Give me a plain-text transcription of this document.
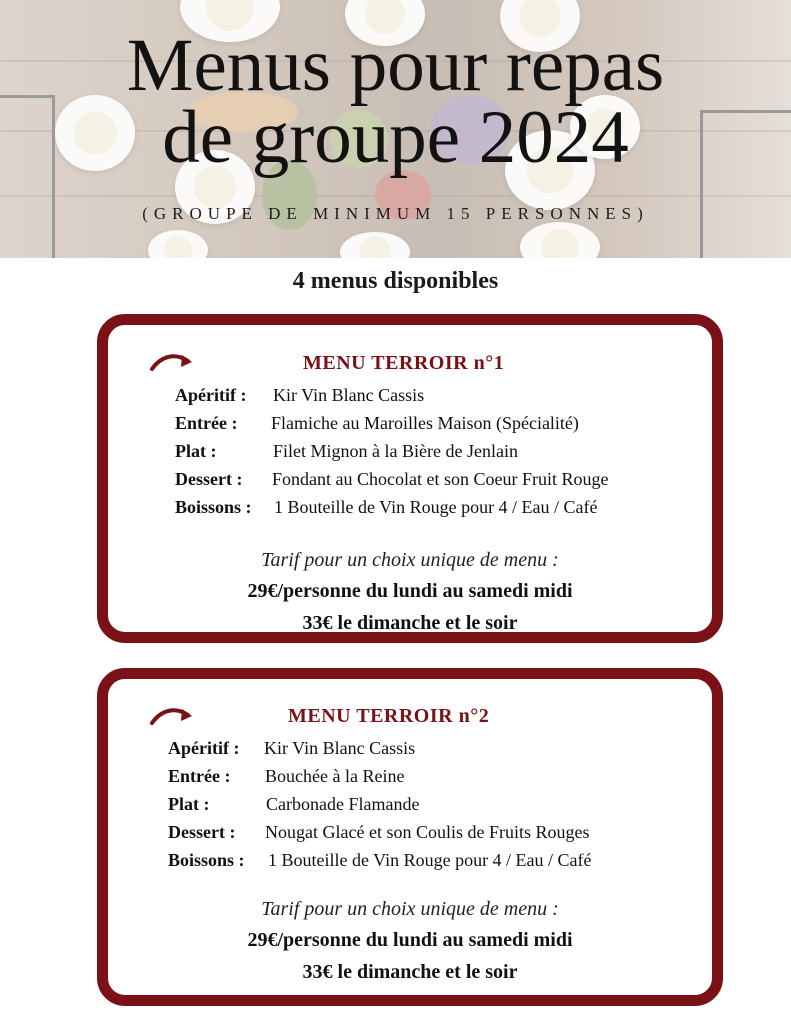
Menus pour repas
de groupe 2024
(GROUPE DE MINIMUM 15 PERSONNES)
4 menus disponibles
MENU TERROIR n°1
Apéritif :	Kir Vin Blanc Cassis
Entrée :	Flamiche au Maroilles Maison (Spécialité)
Plat :	Filet Mignon à la Bière de Jenlain
Dessert :	Fondant au Chocolat et son Coeur Fruit Rouge
Boissons :	1 Bouteille de Vin Rouge pour 4 / Eau / Café
Tarif pour un choix unique de menu :
29€/personne du lundi au samedi midi
33€ le dimanche et le soir
MENU TERROIR n°2
Apéritif :	Kir Vin Blanc Cassis
Entrée :	Bouchée à la Reine
Plat :	Carbonade Flamande
Dessert :	Nougat Glacé et son Coulis de Fruits Rouges
Boissons :	1 Bouteille de Vin Rouge pour 4 / Eau / Café
Tarif pour un choix unique de menu :
29€/personne du lundi au samedi midi
33€ le dimanche et le soir
